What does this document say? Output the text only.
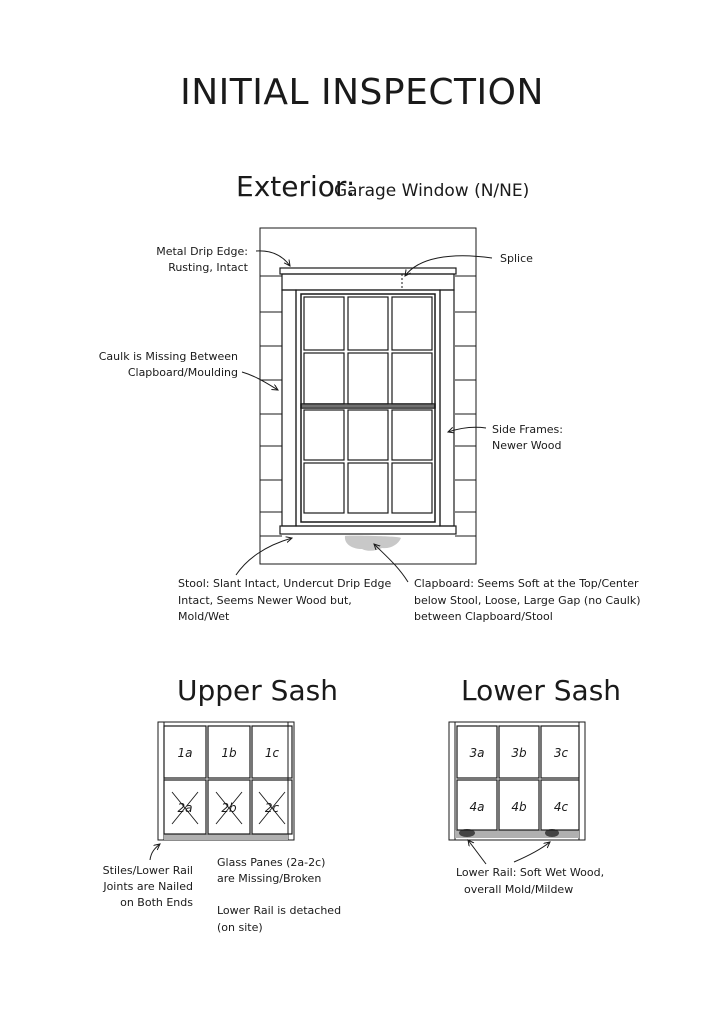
INITIAL INSPECTION
Exterior:
Garage Window (N/NE)
Metal Drip Edge:
Rusting, Intact
Splice
Caulk is Missing Between
Clapboard/Moulding
Side Frames:
Newer Wood
Stool: Slant Intact, Undercut Drip Edge
Intact, Seems Newer Wood but,
Mold/Wet
Clapboard: Seems Soft at the Top/Center
below Stool, Loose, Large Gap (no Caulk)
between Clapboard/Stool
Upper Sash
1a 1b 1c
2a 2b 2c
Stiles/Lower Rail
Joints are Nailed
on Both Ends
Glass Panes (2a-2c)
are Missing/Broken
Lower Rail is detached
(on site)
Lower Sash
3a 3b 3c
4a 4b 4c
Lower Rail: Soft Wet Wood,
overall Mold/Mildew
